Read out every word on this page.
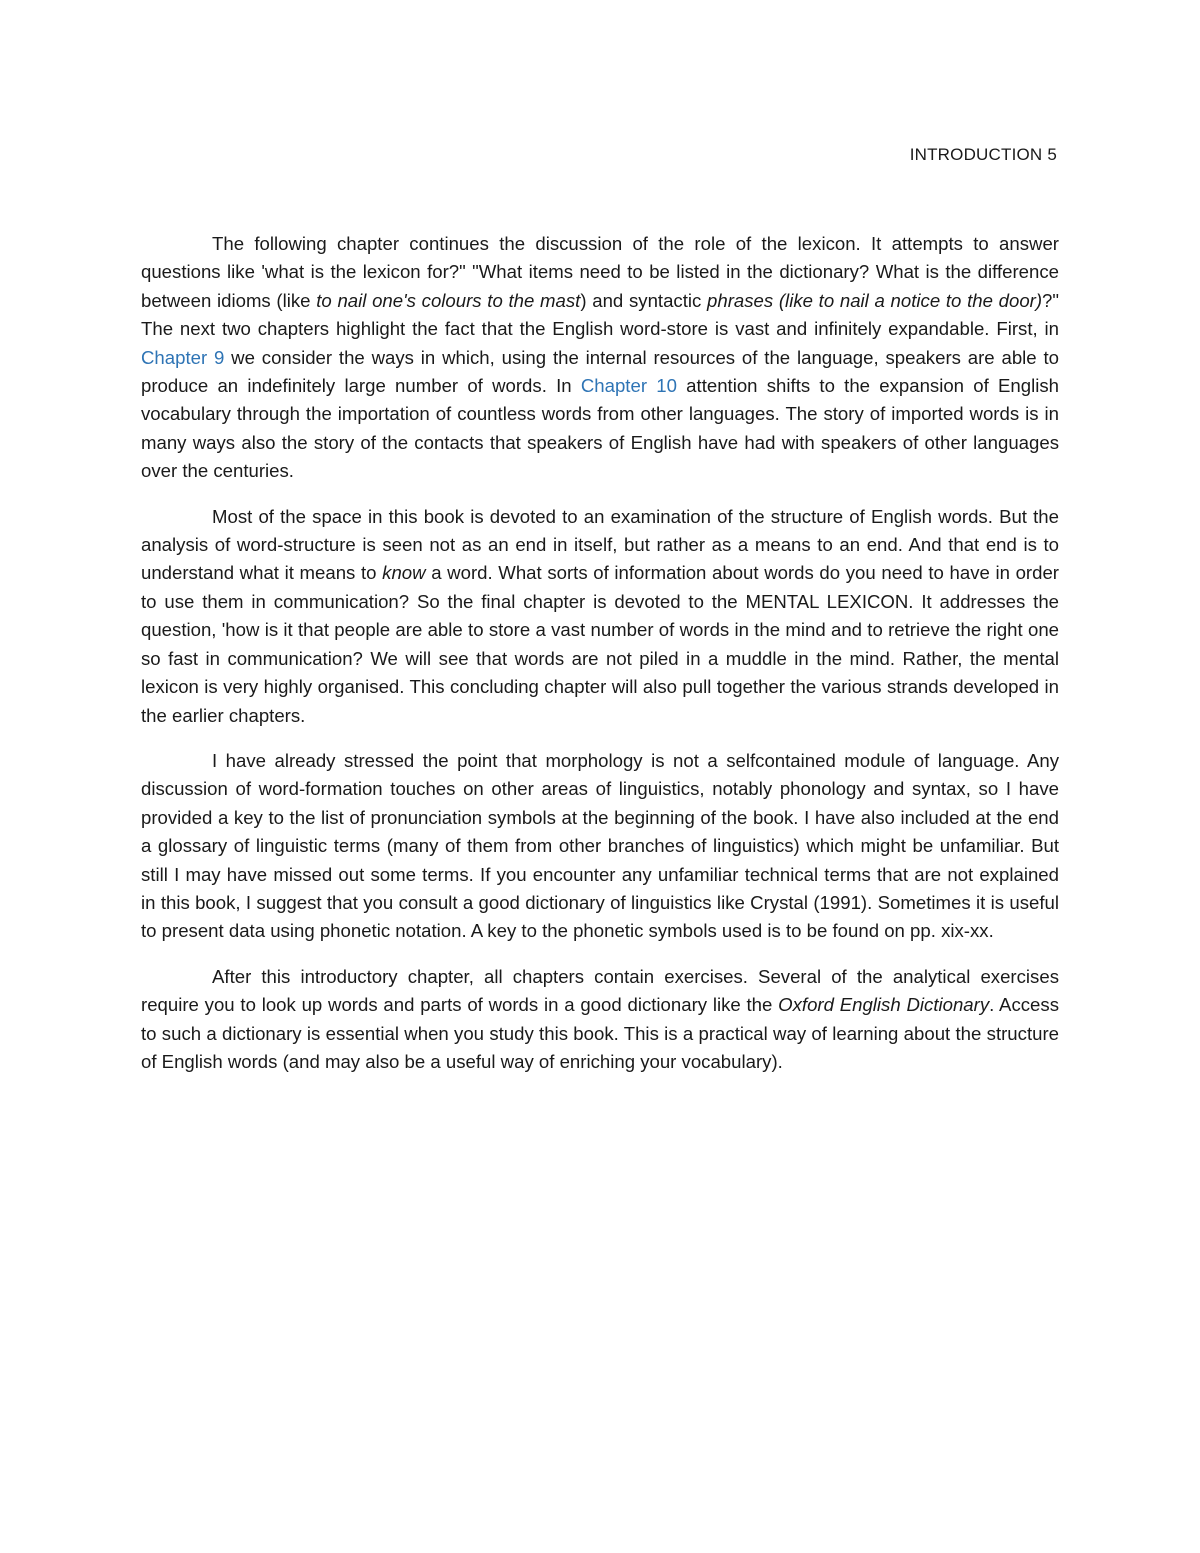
INTRODUCTION 5

The following chapter continues the discussion of the role of the lexicon. It attempts to answer questions like 'what is the lexicon for?" "What items need to be listed in the dictionary? What is the difference between idioms (like to nail one's colours to the mast) and syntactic phrases (like to nail a notice to the door)?" The next two chapters highlight the fact that the English word-store is vast and infinitely expandable. First, in Chapter 9 we consider the ways in which, using the internal resources of the language, speakers are able to produce an indefinitely large number of words. In Chapter 10 attention shifts to the expansion of English vocabulary through the importation of countless words from other languages. The story of imported words is in many ways also the story of the contacts that speakers of English have had with speakers of other languages over the centuries.

Most of the space in this book is devoted to an examination of the structure of English words. But the analysis of word-structure is seen not as an end in itself, but rather as a means to an end. And that end is to understand what it means to know a word. What sorts of information about words do you need to have in order to use them in communication? So the final chapter is devoted to the MENTAL LEXICON. It addresses the question, 'how is it that people are able to store a vast number of words in the mind and to retrieve the right one so fast in communication? We will see that words are not piled in a muddle in the mind. Rather, the mental lexicon is very highly organised. This concluding chapter will also pull together the various strands developed in the earlier chapters.

I have already stressed the point that morphology is not a selfcontained module of language. Any discussion of word-formation touches on other areas of linguistics, notably phonology and syntax, so I have provided a key to the list of pronunciation symbols at the beginning of the book. I have also included at the end a glossary of linguistic terms (many of them from other branches of linguistics) which might be unfamiliar. But still I may have missed out some terms. If you encounter any unfamiliar technical terms that are not explained in this book, I suggest that you consult a good dictionary of linguistics like Crystal (1991). Sometimes it is useful to present data using phonetic notation. A key to the phonetic symbols used is to be found on pp. xix-xx.

After this introductory chapter, all chapters contain exercises. Several of the analytical exercises require you to look up words and parts of words in a good dictionary like the Oxford English Dictionary. Access to such a dictionary is essential when you study this book. This is a practical way of learning about the structure of English words (and may also be a useful way of enriching your vocabulary).
